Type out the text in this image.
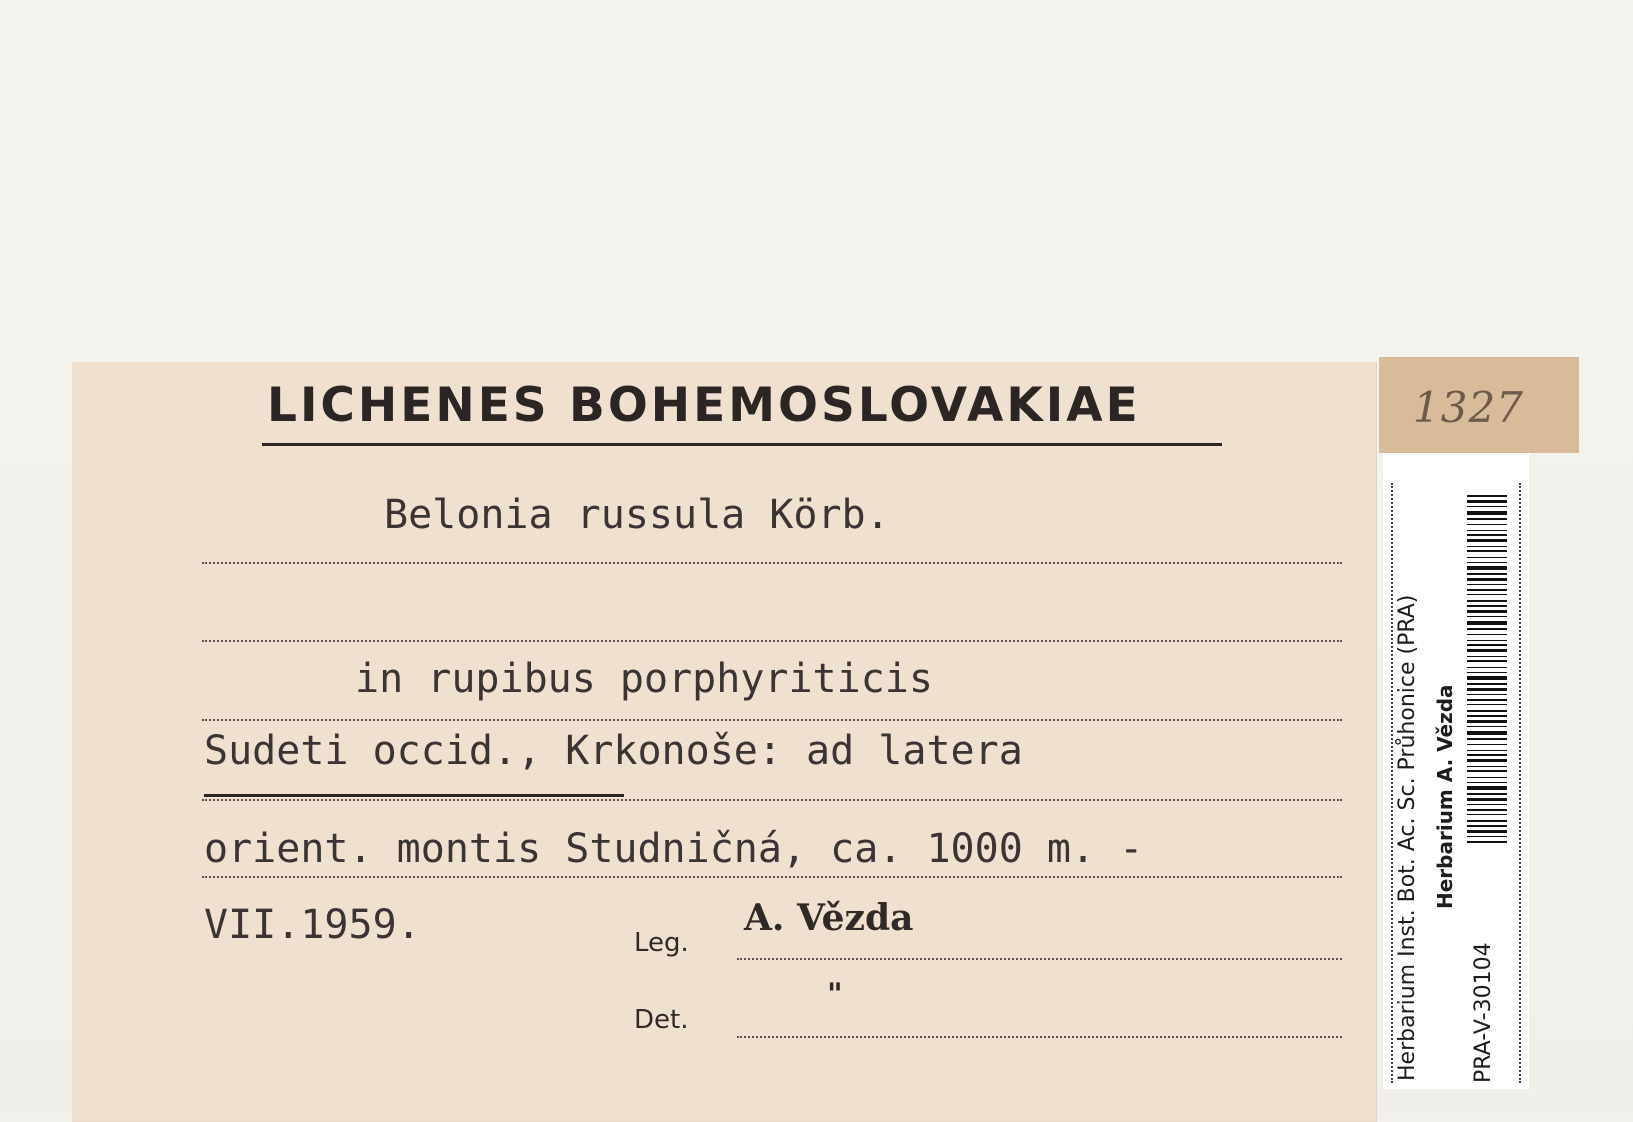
LICHENES BOHEMOSLOVAKIAE
Belonia russula Körb.
in rupibus porphyriticis
Sudeti occid., Krkonoše: ad latera
orient. montis Studničná, ca. 1000 m. -
VII.1959.	Leg.
A. Vězda
Det.
"
1327
Herbarium Inst. Bot. Ac. Sc. Průhonice (PRA) Herbarium A. Vězda
PRA-V-30104
